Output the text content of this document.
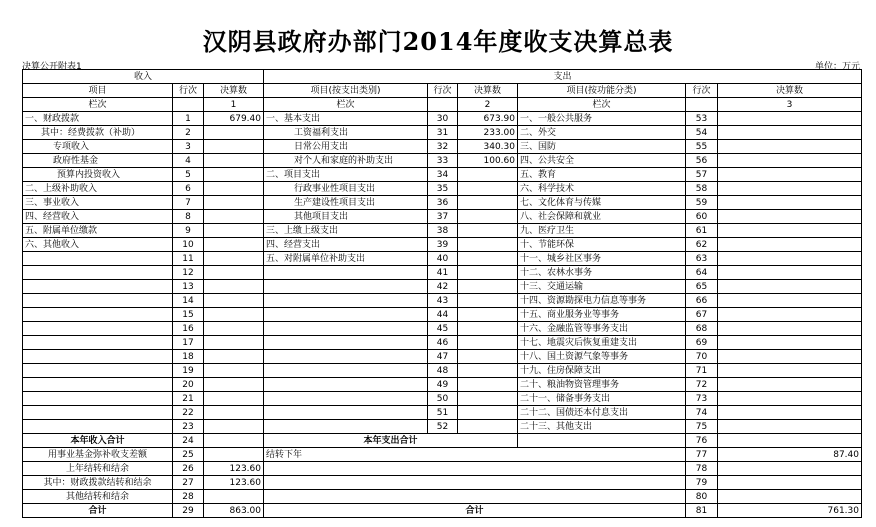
汉阴县政府办部门2014年度收支决算总表
决算公开附表1	单位：万元
收入			支出					
项目	行次	决算数	项目(按支出类别)	行次	决算数	项目(按功能分类)	行次	决算数
栏次		1	栏次		2	栏次		3
一、财政拨款	1	679.40	一、基本支出	30	673.90	一、一般公共服务	53	
其中：经费拨款（补助）	2		工资福利支出	31	233.00	二、外交	54	
专项收入	3		日常公用支出	32	340.30	三、国防	55	
政府性基金	4		对个人和家庭的补助支出	33	100.60	四、公共安全	56	
预算内投资收入	5		二、项目支出	34		五、教育	57	
二、上级补助收入	6		行政事业性项目支出	35		六、科学技术	58	
三、事业收入	7		生产建设性项目支出	36		七、文化体育与传媒	59	
四、经营收入	8		其他项目支出	37		八、社会保障和就业	60	
五、附属单位缴款	9		三、上缴上级支出	38		九、医疗卫生	61	
六、其他收入	10		四、经营支出	39		十、节能环保	62	
	11		五、对附属单位补助支出	40		十一、城乡社区事务	63	
	12			41		十二、农林水事务	64	
	13			42		十三、交通运输	65	
	14			43		十四、资源勘探电力信息等事务	66	
	15			44		十五、商业服务业等事务	67	
	16			45		十六、金融监管等事务支出	68	
	17			46		十七、地震灾后恢复重建支出	69	
	18			47		十八、国土资源气象等事务	70	
	19			48		十九、住房保障支出	71	
	20			49		二十、粮油物资管理事务	72	
	21			50		二十一、储备事务支出	73	
	22			51		二十二、国债还本付息支出	74	
	23			52		二十三、其他支出	75	
本年收入合计	24		本年支出合计				76	
用事业基金弥补收支差额	25		结转下年				77	87.40
上年结转和结余	26	123.60					78	
其中：财政拨款结转和结余	27	123.60					79	
其他结转和结余	28						80	
合计	29	863.00	合计				81	761.30
